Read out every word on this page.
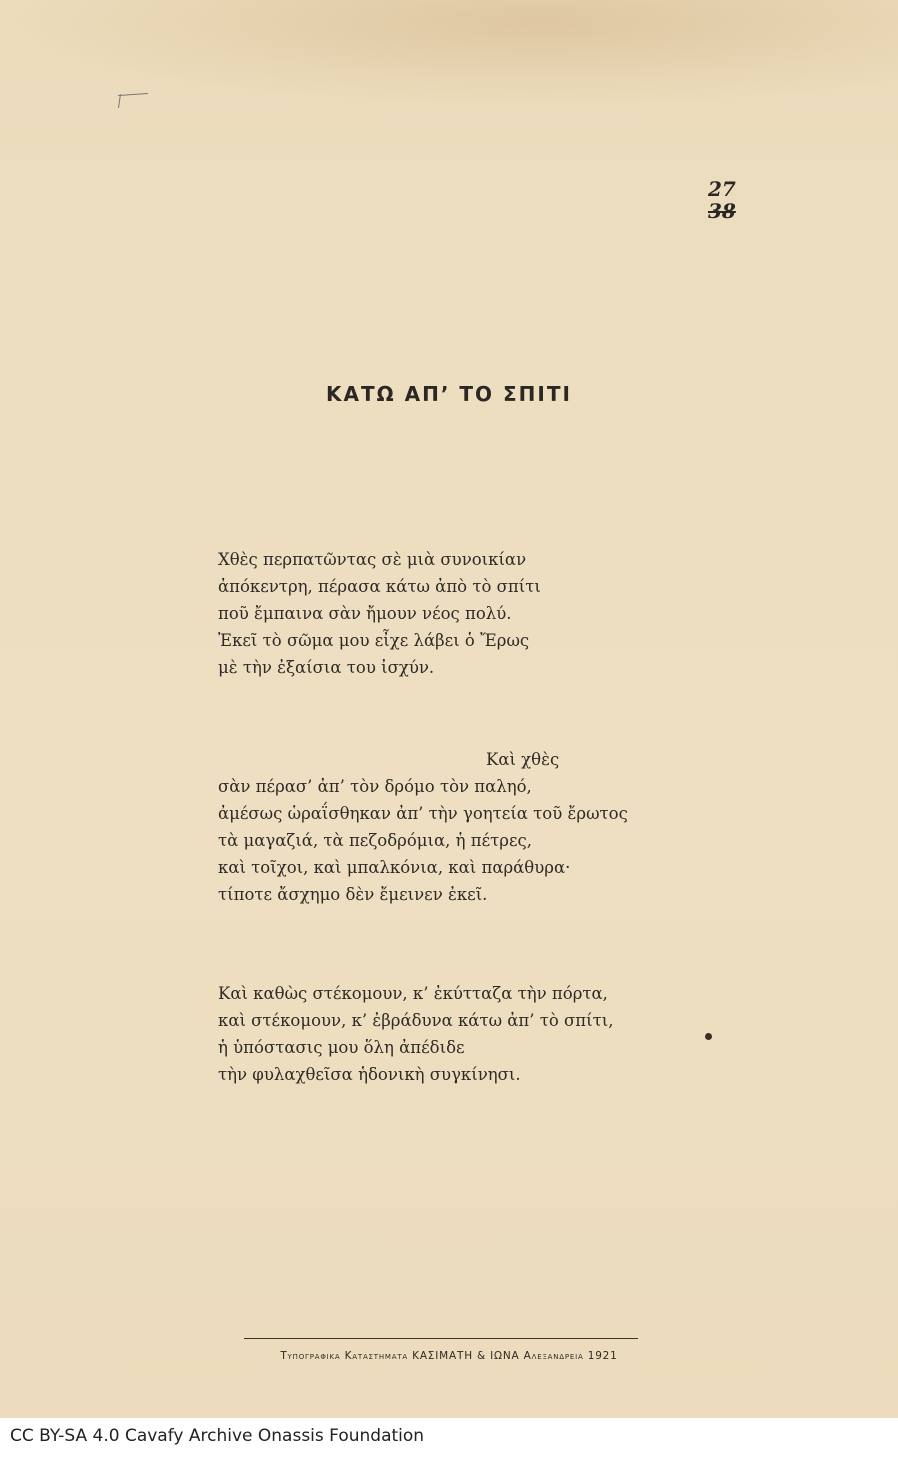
27
38
ΚΑΤΩ ΑΠ’ ΤΟ ΣΠΙΤΙ
Χθὲς περπατῶντας σὲ μιὰ συνοικίαν
ἀπόκεντρη, πέρασα κάτω ἀπὸ τὸ σπίτι
ποῦ ἔμπαινα σὰν ἤμουν νέος πολύ.
Ἐκεῖ τὸ σῶμα μου εἶχε λάβει ὁ Ἔρως
μὲ τὴν ἐξαίσια του ἰσχύν.
Καὶ χθὲς
σὰν πέρασ’ ἀπ’ τὸν δρόμο τὸν παληό,
ἀμέσως ὡραΐσθηκαν ἀπ’ τὴν γοητεία τοῦ ἔρωτος
τὰ μαγαζιά, τὰ πεζοδρόμια, ἡ πέτρες,
καὶ τοῖχοι, καὶ μπαλκόνια, καὶ παράθυρα·
τίποτε ἄσχημο δὲν ἔμεινεν ἐκεῖ.
Καὶ καθὼς στέκομουν, κ’ ἐκύτταζα τὴν πόρτα,
καὶ στέκομουν, κ’ ἐβράδυνα κάτω ἀπ’ τὸ σπίτι,
ἡ ὑπόστασις μου ὅλη ἀπέδιδε
τὴν φυλαχθεῖσα ἡδονικὴ συγκίνησι.
Τυπογραφικα Καταστηματα ΚΑΣΙΜΑΤΗ & ΙΩΝΑ Αλεξανδρεια 1921
CC BY-SA 4.0 Cavafy Archive Onassis Foundation
